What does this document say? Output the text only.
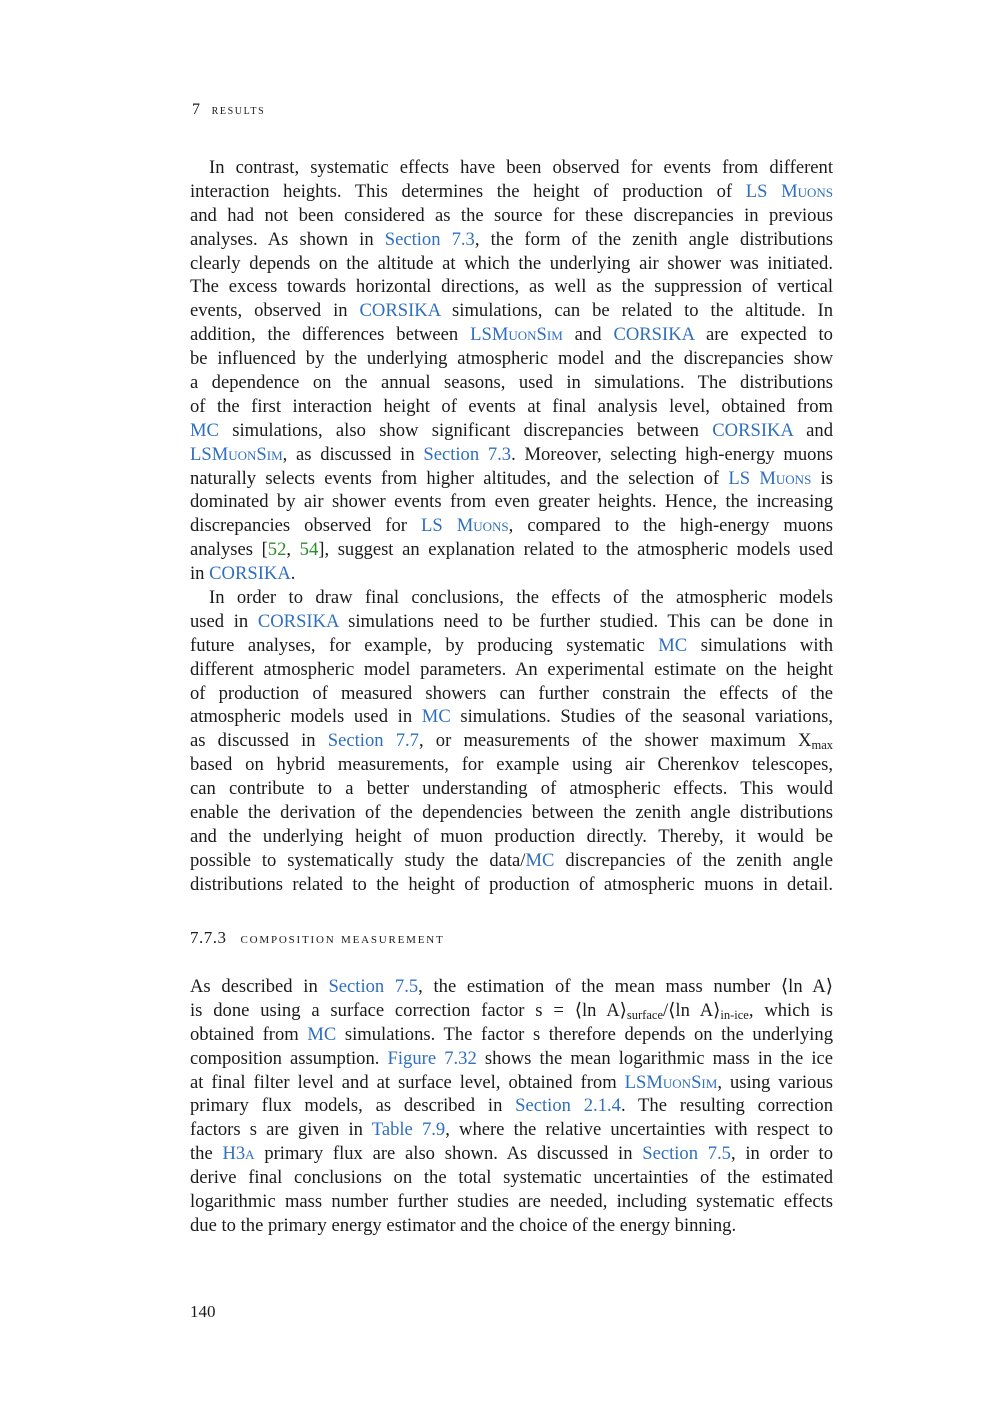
7 results
In contrast, systematic effects have been observed for events from different
interaction heights. This determines the height of production of LS Muons
and had not been considered as the source for these discrepancies in previous
analyses. As shown in Section 7.3, the form of the zenith angle distributions
clearly depends on the altitude at which the underlying air shower was initiated.
The excess towards horizontal directions, as well as the suppression of vertical
events, observed in CORSIKA simulations, can be related to the altitude. In
addition, the differences between LSMuonSim and CORSIKA are expected to
be influenced by the underlying atmospheric model and the discrepancies show
a dependence on the annual seasons, used in simulations. The distributions
of the first interaction height of events at final analysis level, obtained from
MC simulations, also show significant discrepancies between CORSIKA and
LSMuonSim, as discussed in Section 7.3. Moreover, selecting high-energy muons
naturally selects events from higher altitudes, and the selection of LS Muons is
dominated by air shower events from even greater heights. Hence, the increasing
discrepancies observed for LS Muons, compared to the high-energy muons
analyses [52, 54], suggest an explanation related to the atmospheric models used
in CORSIKA.
In order to draw final conclusions, the effects of the atmospheric models
used in CORSIKA simulations need to be further studied. This can be done in
future analyses, for example, by producing systematic MC simulations with
different atmospheric model parameters. An experimental estimate on the height
of production of measured showers can further constrain the effects of the
atmospheric models used in MC simulations. Studies of the seasonal variations,
as discussed in Section 7.7, or measurements of the shower maximum $X_{max}$
based on hybrid measurements, for example using air Cherenkov telescopes,
can contribute to a better understanding of atmospheric effects. This would
enable the derivation of the dependencies between the zenith angle distributions
and the underlying height of muon production directly. Thereby, it would be
possible to systematically study the data/MC discrepancies of the zenith angle
distributions related to the height of production of atmospheric muons in detail.
7.7.3 composition measurement
As described in Section 7.5, the estimation of the mean mass number ⟨ln A⟩
is done using a surface correction factor s = ⟨ln $A⟩_{surface}/⟨\ln$ $A⟩_{in-ice}$, which is
obtained from MC simulations. The factor s therefore depends on the underlying
composition assumption. Figure 7.32 shows the mean logarithmic mass in the ice
at final filter level and at surface level, obtained from LSMuonSim, using various
primary flux models, as described in Section 2.1.4. The resulting correction
factors s are given in Table 7.9, where the relative uncertainties with respect to
the H3a primary flux are also shown. As discussed in Section 7.5, in order to
derive final conclusions on the total systematic uncertainties of the estimated
logarithmic mass number further studies are needed, including systematic effects
due to the primary energy estimator and the choice of the energy binning.
140
